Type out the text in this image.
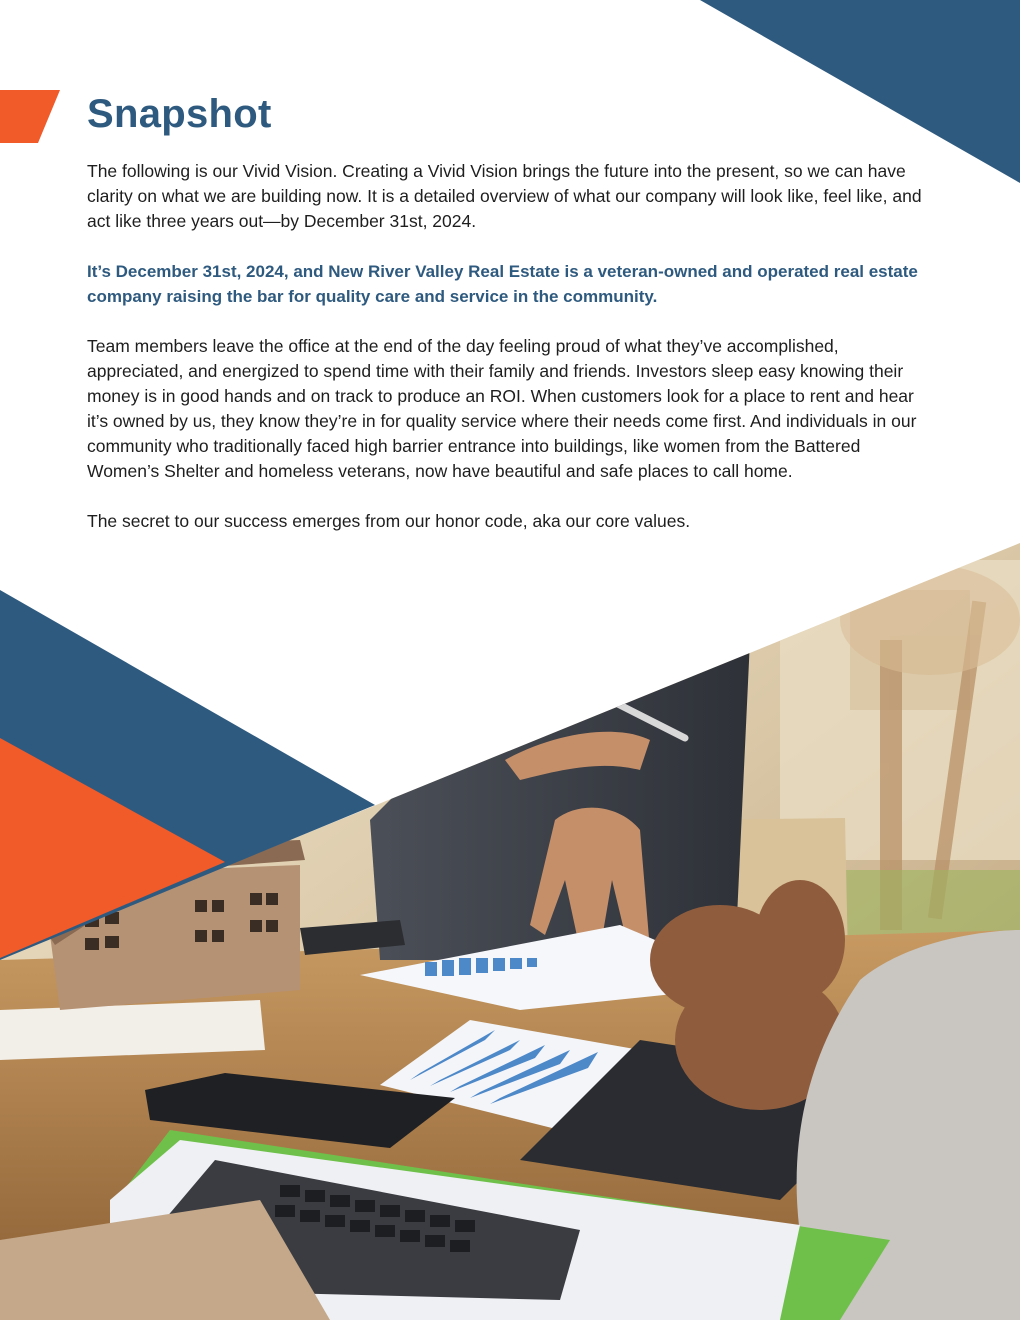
Snapshot

The following is our Vivid Vision. Creating a Vivid Vision brings the future into the present, so we can have clarity on what we are building now. It is a detailed overview of what our company will look like, feel like, and act like three years out—by December 31st, 2024.

It’s December 31st, 2024, and New River Valley Real Estate is a veteran-owned and operated real estate company raising the bar for quality care and service in the community.

Team members leave the office at the end of the day feeling proud of what they’ve accomplished, appreciated, and energized to spend time with their family and friends. Investors sleep easy knowing their money is in good hands and on track to produce an ROI. When customers look for a place to rent and hear it’s owned by us, they know they’re in for quality service where their needs come first. And individuals in our community who traditionally faced high barrier entrance into buildings, like women from the Battered Women’s Shelter and homeless veterans, now have beautiful and safe places to call home.

The secret to our success emerges from our honor code, aka our core values.
